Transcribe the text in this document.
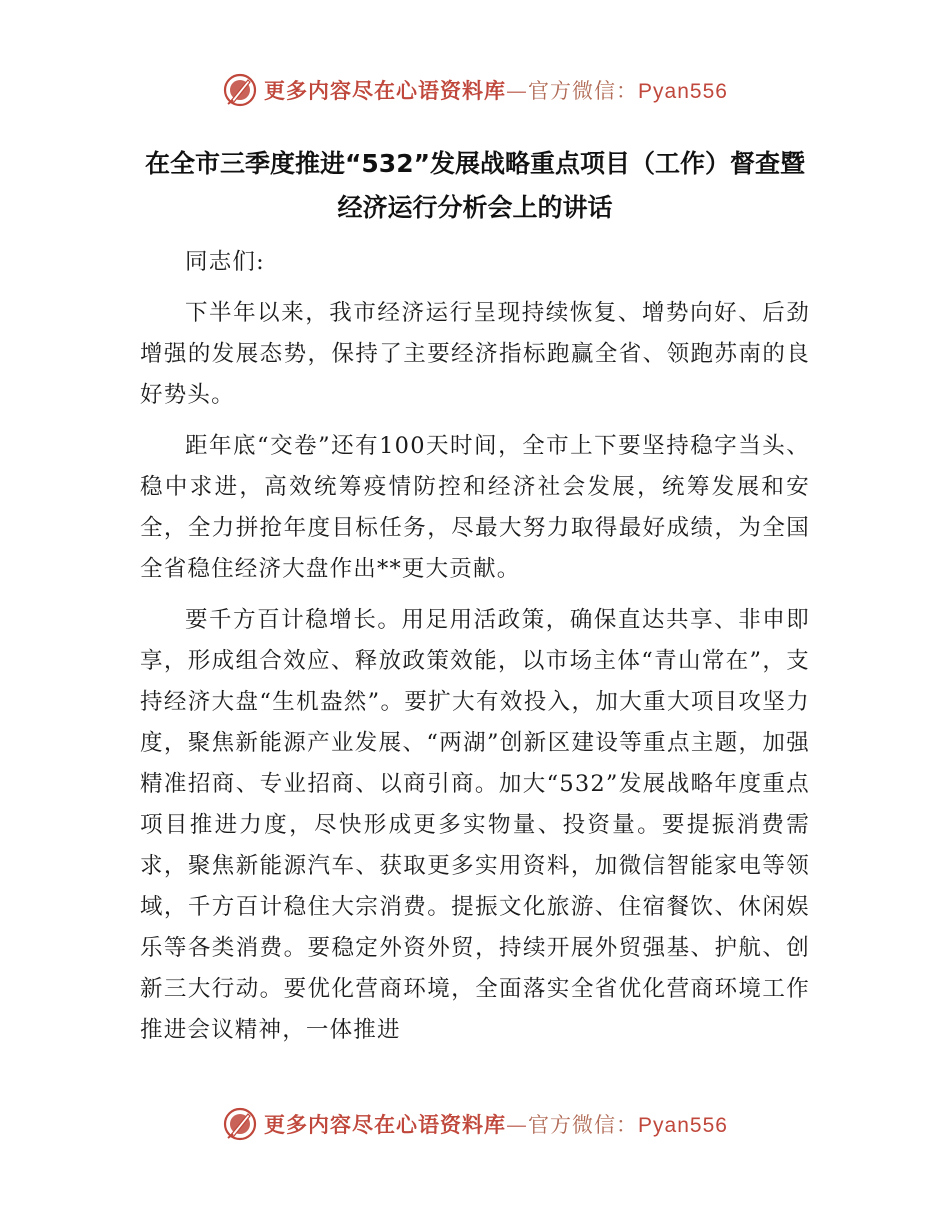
更多内容尽在心语资料库—官方微信：Pyan556
在全市三季度推进“532”发展战略重点项目（工作）督查暨
经济运行分析会上的讲话

同志们:

下半年以来，我市经济运行呈现持续恢复、增势向好、后劲增强的发展态势，保持了主要经济指标跑赢全省、领跑苏南的良好势头。

距年底“交卷”还有100天时间，全市上下要坚持稳字当头、稳中求进，高效统筹疫情防控和经济社会发展，统筹发展和安全，全力拼抢年度目标任务，尽最大努力取得最好成绩，为全国全省稳住经济大盘作出**更大贡献。

要千方百计稳增长。用足用活政策，确保直达共享、非申即享，形成组合效应、释放政策效能，以市场主体“青山常在”，支持经济大盘“生机盎然”。要扩大有效投入，加大重大项目攻坚力度，聚焦新能源产业发展、“两湖”创新区建设等重点主题，加强精准招商、专业招商、以商引商。加大“532”发展战略年度重点项目推进力度，尽快形成更多实物量、投资量。要提振消费需求，聚焦新能源汽车、获取更多实用资料，加微信智能家电等领域，千方百计稳住大宗消费。提振文化旅游、住宿餐饮、休闲娱乐等各类消费。要稳定外资外贸，持续开展外贸强基、护航、创新三大行动。要优化营商环境，全面落实全省优化营商环境工作推进会议精神，一体推进

更多内容尽在心语资料库—官方微信：Pyan556
